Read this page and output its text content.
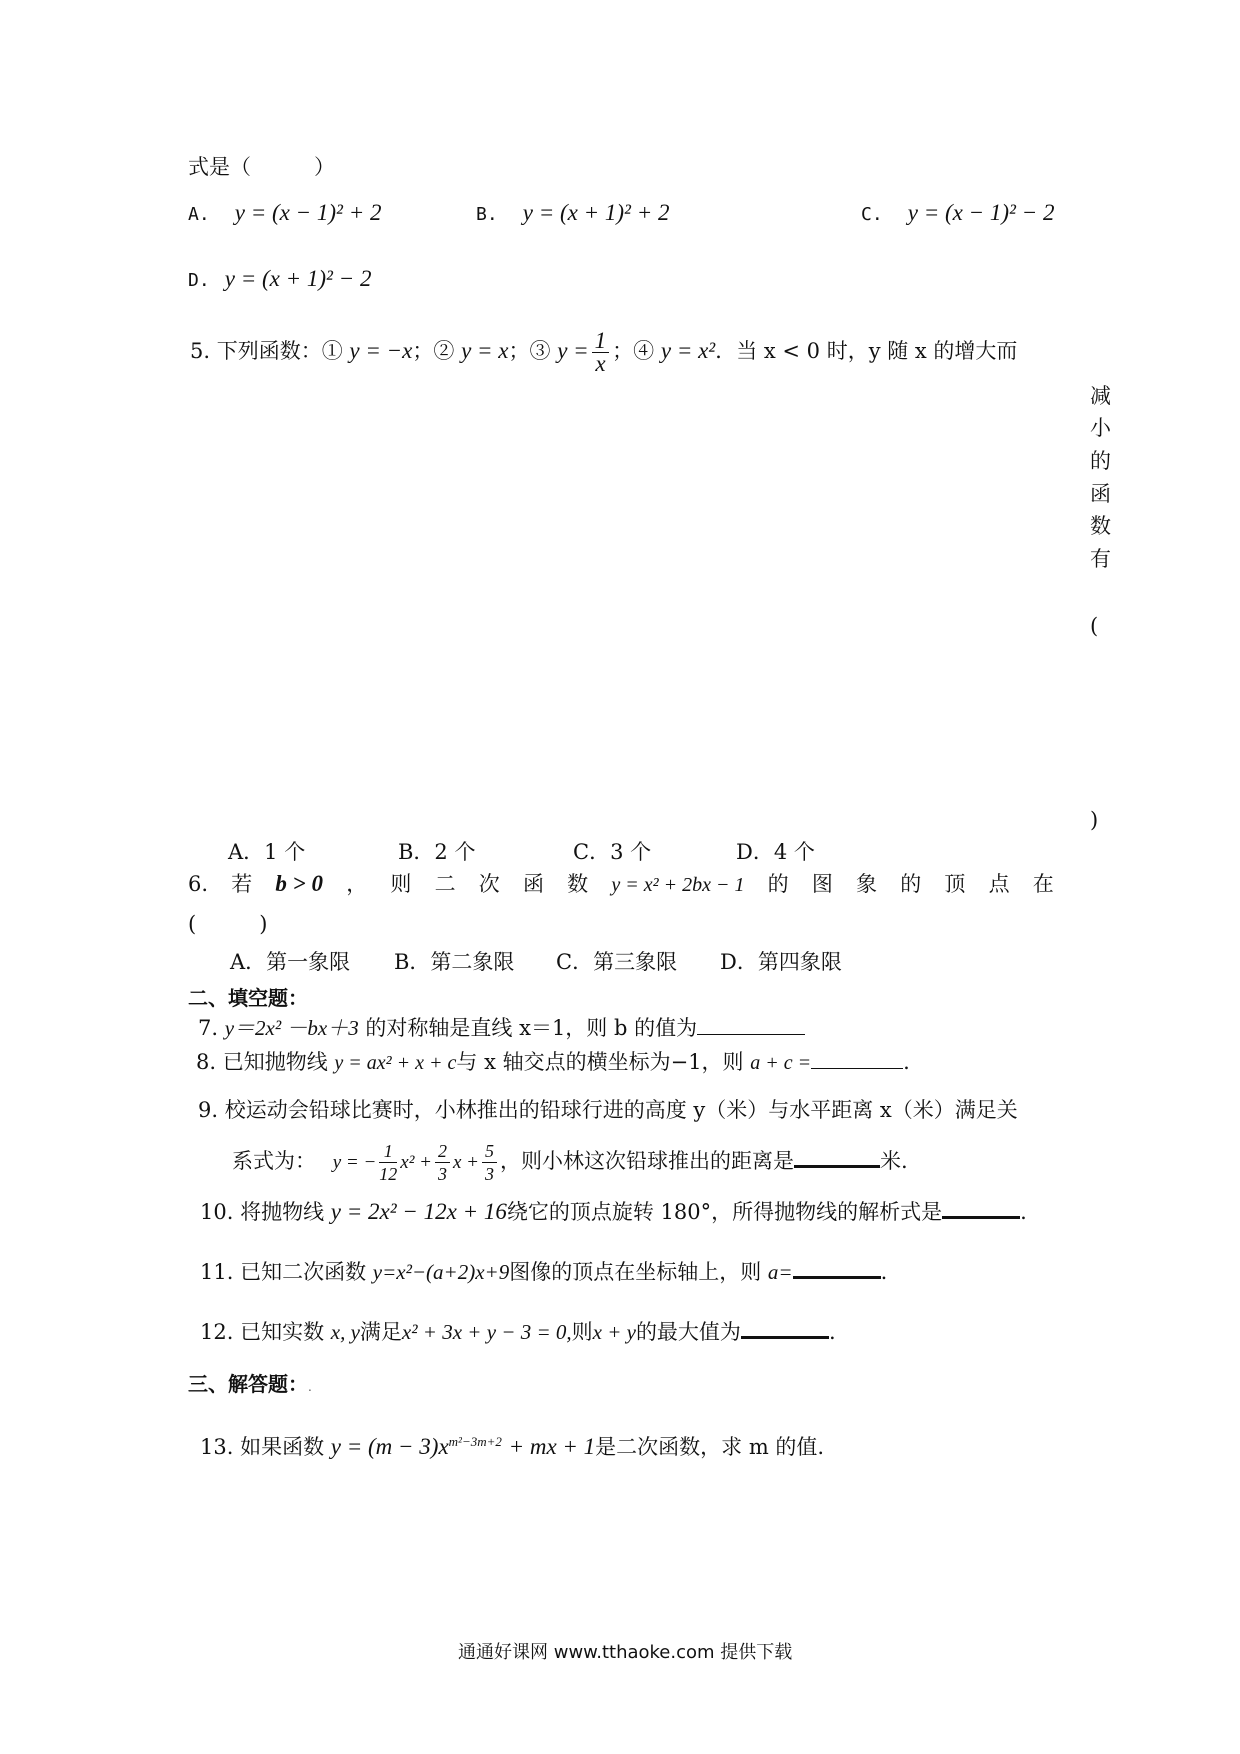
式是（　　　）
A. y = (x − 1)² + 2	B. y = (x + 1)² + 2	C. y = (x − 1)² − 2
D. y = (x + 1)² − 2
5. 下列函数：① y = −x；② y = x；③ $y = \frac{1}{x}$ ；④ y = x²．当 x < 0 时，y 随 x 的增大而
减
小
的
函
数
有
(
)
A．1 个	B．2 个	C．3 个	D．4 个
6. 若 b > 0 ， 则 二 次 函 数 y = x² + 2bx − 1 的 图 象 的 顶 点 在
(　　　)
A．第一象限 B．第二象限 C．第三象限 D．第四象限
二、填空题：
7. y＝2x² －bx＋3 的对称轴是直线 x＝1，则 b 的值为
8. 已知抛物线 y = ax² + x + c与 x 轴交点的横坐标为−1，则 a + c =	.
9. 校运动会铅球比赛时，小林推出的铅球行进的高度 y（米）与水平距离 x（米）满足关
系式为： y = − $\frac{1}{12} x^2 + \frac{2}{3}$ $x + \frac{5}{3}$ ，则小林这次铅球推出的距离是	米.
10. 将抛物线 y = 2x² − 12x + 16绕它的顶点旋转 180°，所得抛物线的解析式是	.
11. 已知二次函数 y=x²−(a+2)x+9图像的顶点在坐标轴上，则 a=	.
12. 已知实数 x, y满足x² + 3x + y − 3 = 0,则x + y的最大值为	.
三、解答题：.
13. 如果函数 $y = (m - 3)x^{m^2-3m+2}$ + mx + 1是二次函数，求 m 的值.
通通好课网 www.tthaoke.com 提供下载
